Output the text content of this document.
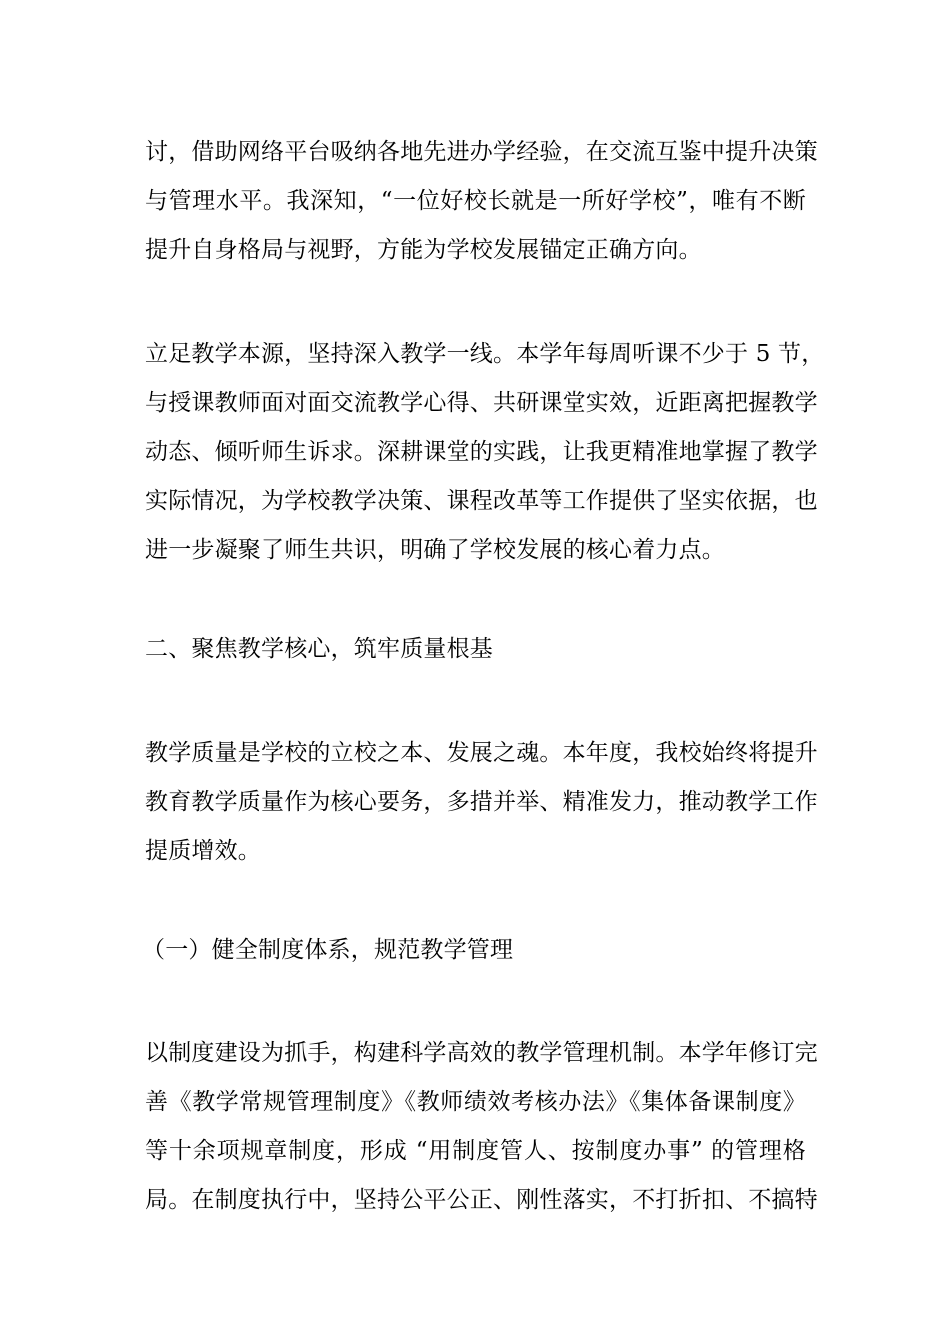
讨，借助网络平台吸纳各地先进办学经验，在交流互鉴中提升决策
与管理水平。我深知，“一位好校长就是一所好学校”，唯有不断
提升自身格局与视野，方能为学校发展锚定正确方向。
立足教学本源，坚持深入教学一线。本学年每周听课不少于 5 节，
与授课教师面对面交流教学心得、共研课堂实效，近距离把握教学
动态、倾听师生诉求。深耕课堂的实践，让我更精准地掌握了教学
实际情况，为学校教学决策、课程改革等工作提供了坚实依据，也
进一步凝聚了师生共识，明确了学校发展的核心着力点。
二、聚焦教学核心，筑牢质量根基
教学质量是学校的立校之本、发展之魂。本年度，我校始终将提升
教育教学质量作为核心要务，多措并举、精准发力，推动教学工作
提质增效。
（一）健全制度体系，规范教学管理
以制度建设为抓手，构建科学高效的教学管理机制。本学年修订完
善《教学常规管理制度》《教师绩效考核办法》《集体备课制度》
等十余项规章制度，形成 “用制度管人、按制度办事” 的管理格
局。在制度执行中，坚持公平公正、刚性落实，不打折扣、不搞特
